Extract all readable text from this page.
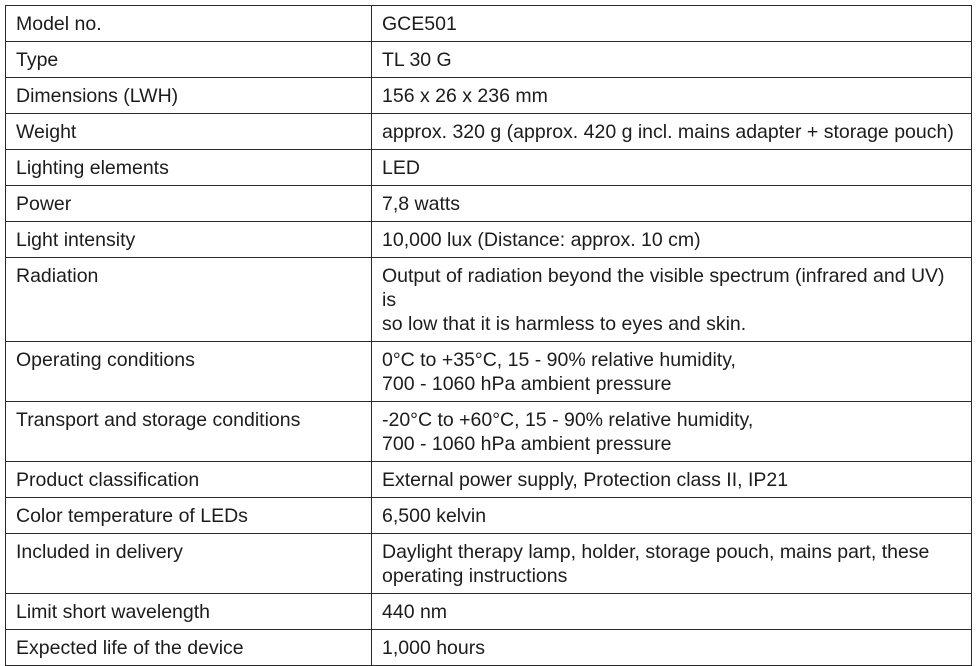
Model no.	GCE501
Type	TL 30 G
Dimensions (LWH)	156 x 26 x 236 mm
Weight	approx. 320 g (approx. 420 g incl. mains adapter + storage pouch)
Lighting elements	LED
Power	7,8 watts
Light intensity	10,000 lux (Distance: approx. 10 cm)
Radiation	Output of radiation beyond the visible spectrum (infrared and UV) is
so low that it is harmless to eyes and skin.
Operating conditions	0°C to +35°C, 15 - 90% relative humidity,
700 - 1060 hPa ambient pressure
Transport and storage conditions	-20°C to +60°C, 15 - 90% relative humidity,
700 - 1060 hPa ambient pressure
Product classification	External power supply, Protection class II, IP21
Color temperature of LEDs	6,500 kelvin
Included in delivery	Daylight therapy lamp, holder, storage pouch, mains part, these
operating instructions
Limit short wavelength	440 nm
Expected life of the device	1,000 hours
